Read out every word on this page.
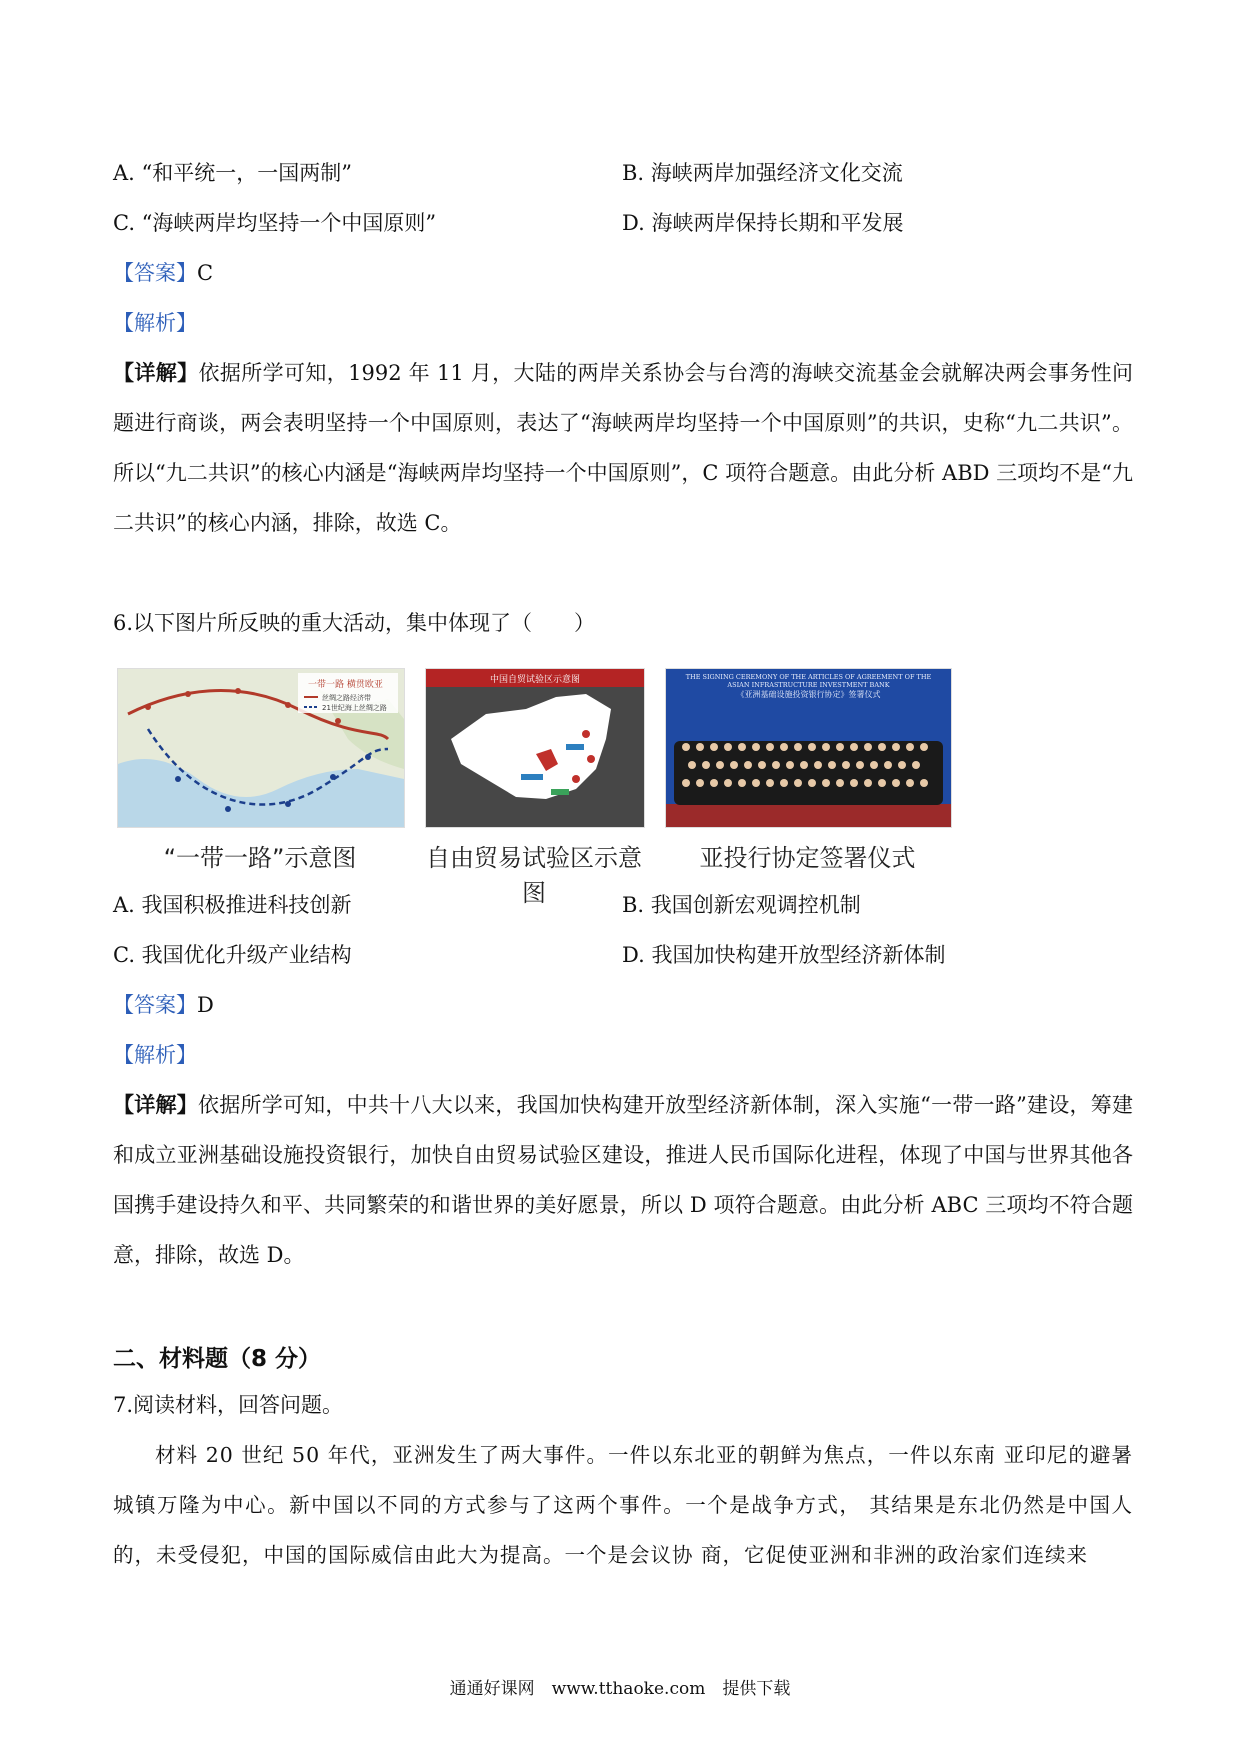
A. “和平统一，一国两制”	B. 海峡两岸加强经济文化交流
C. “海峡两岸均坚持一个中国原则”	D. 海峡两岸保持长期和平发展
【答案】C
【解析】
【详解】依据所学可知，1992 年 11 月，大陆的两岸关系协会与台湾的海峡交流基金会就解决两会事务性问题进行商谈，两会表明坚持一个中国原则，表达了“海峡两岸均坚持一个中国原则”的共识，史称“九二共识”。所以“九二共识”的核心内涵是“海峡两岸均坚持一个中国原则”，C 项符合题意。由此分析 ABD 三项均不是“九二共识”的核心内涵，排除，故选 C。
6.以下图片所反映的重大活动，集中体现了（　　）
一带一路 横贯欧亚
丝绸之路经济带
21世纪海上丝绸之路
“一带一路”示意图
中国自贸试验区示意图
自由贸易试验区示意图
THE SIGNING CEREMONY OF THE ARTICLES OF AGREEMENT OF THE ASIAN INFRASTRUCTURE INVESTMENT BANK
《亚洲基础设施投资银行协定》签署仪式
亚投行协定签署仪式
A. 我国积极推进科技创新	B. 我国创新宏观调控机制
C. 我国优化升级产业结构	D. 我国加快构建开放型经济新体制
【答案】D
【解析】
【详解】依据所学可知，中共十八大以来，我国加快构建开放型经济新体制，深入实施“一带一路”建设，筹建和成立亚洲基础设施投资银行，加快自由贸易试验区建设，推进人民币国际化进程，体现了中国与世界其他各国携手建设持久和平、共同繁荣的和谐世界的美好愿景，所以 D 项符合题意。由此分析 ABC 三项均不符合题意，排除，故选 D。
二、材料题（8 分）
7.阅读材料，回答问题。
材料 20 世纪 50 年代，亚洲发生了两大事件。一件以东北亚的朝鲜为焦点，一件以东南 亚印尼的避暑城镇万隆为中心。新中国以不同的方式参与了这两个事件。一个是战争方式， 其结果是东北仍然是中国人的，未受侵犯，中国的国际威信由此大为提高。一个是会议协 商，它促使亚洲和非洲的政治家们连续来
通通好课网　www.tthaoke.com　提供下载
